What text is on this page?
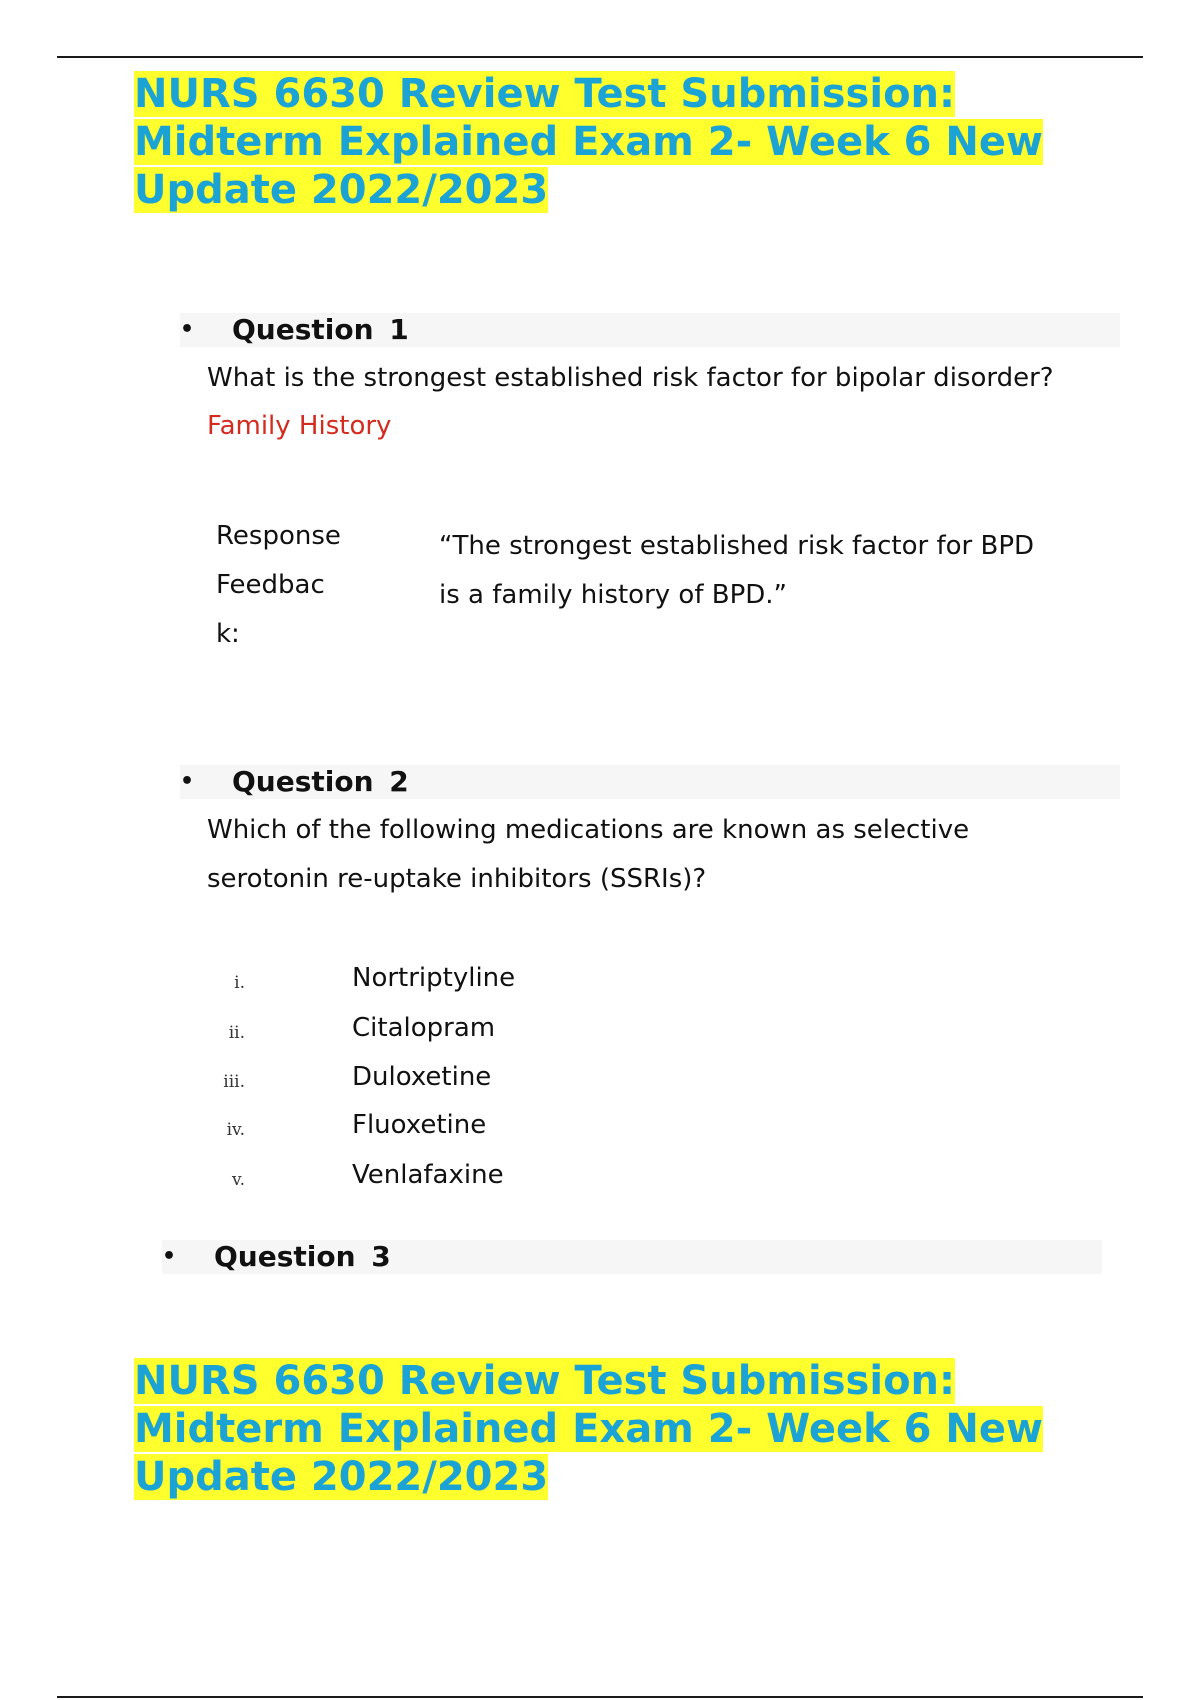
NURS 6630 Review Test Submission: Midterm Explained Exam 2- Week 6 New Update 2022/2023
• Question 1

What is the strongest established risk factor for bipolar disorder?

Family History
Response Feedback:
“The strongest established risk factor for BPD is a family history of BPD.”
• Question 2

Which of the following medications are known as selective serotonin re-uptake inhibitors (SSRIs)?

i.	Nortriptyline
ii.	Citalopram
iii.	Duloxetine
iv.	Fluoxetine
v.	Venlafaxine
• Question 3
NURS 6630 Review Test Submission: Midterm Explained Exam 2- Week 6 New Update 2022/2023
